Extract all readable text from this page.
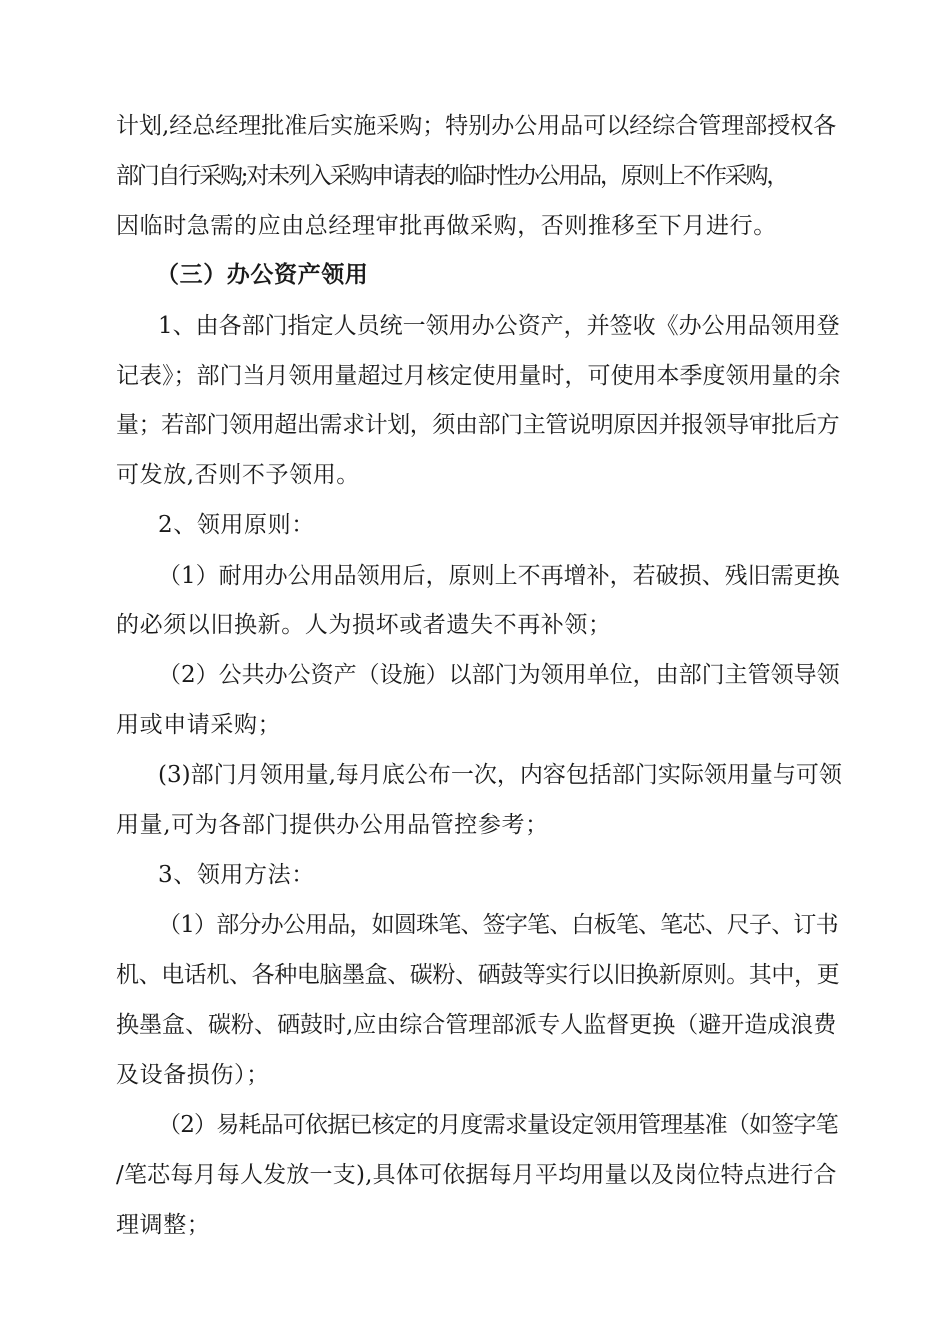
计划,经总经理批准后实施采购；特别办公用品可以经综合管理部授权各
部门自行采购;对未列入采购申请表的临时性办公用品，原则上不作采购，
因临时急需的应由总经理审批再做采购，否则推移至下月进行。
（三）办公资产领用
1、由各部门指定人员统一领用办公资产，并签收《办公用品领用登
记表》；部门当月领用量超过月核定使用量时，可使用本季度领用量的余
量；若部门领用超出需求计划，须由部门主管说明原因并报领导审批后方
可发放,否则不予领用。
2、领用原则：
（1）耐用办公用品领用后，原则上不再增补，若破损、残旧需更换
的必须以旧换新。人为损坏或者遗失不再补领；
（2）公共办公资产（设施）以部门为领用单位，由部门主管领导领
用或申请采购；
(3)部门月领用量,每月底公布一次，内容包括部门实际领用量与可领
用量,可为各部门提供办公用品管控参考；
3、领用方法：
（1）部分办公用品，如圆珠笔、签字笔、白板笔、笔芯、尺子、订书
机、电话机、各种电脑墨盒、碳粉、硒鼓等实行以旧换新原则。其中，更
换墨盒、碳粉、硒鼓时,应由综合管理部派专人监督更换（避开造成浪费
及设备损伤）；
（2）易耗品可依据已核定的月度需求量设定领用管理基准（如签字笔
/笔芯每月每人发放一支),具体可依据每月平均用量以及岗位特点进行合
理调整；
